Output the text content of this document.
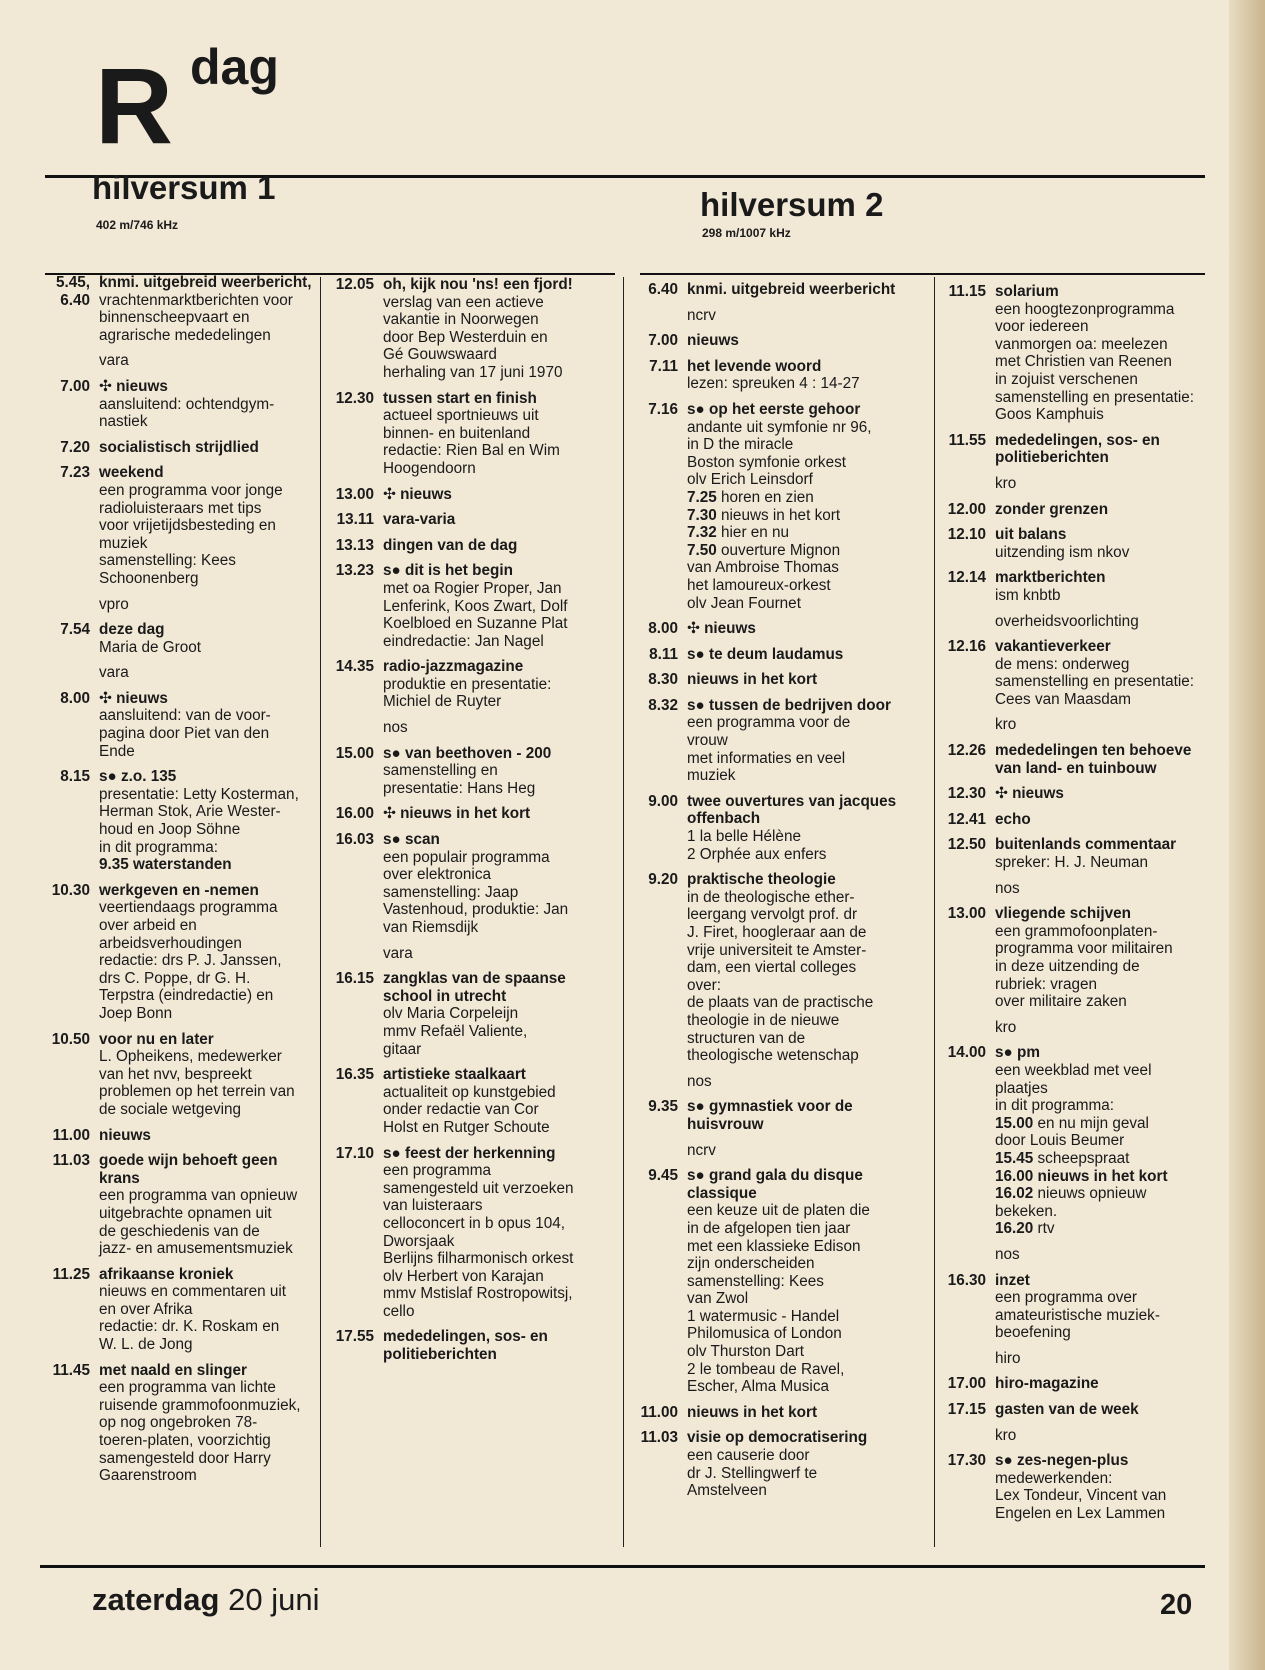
R dag
hilversum 1
402 m/746 kHz
hilversum 2
298 m/1007 kHz
5.45, 6.40
knmi. uitgebreid weerbericht,
vrachtenmarktberichten voor
binnenscheepvaart en
agrarische mededelingen
vara
7.00 ✣ nieuws
aansluitend: ochtendgym-
nastiek
7.20 socialistisch strijdlied
7.23 weekend
een programma voor jonge
radioluisteraars met tips
voor vrijetijdsbesteding en
muziek
samenstelling: Kees
Schoonenberg
vpro
7.54 deze dag
Maria de Groot
vara
8.00 ✣ nieuws
aansluitend: van de voor-
pagina door Piet van den
Ende
8.15 s● z.o. 135
presentatie: Letty Kosterman,
Herman Stok, Arie Wester-
houd en Joop Söhne
in dit programma:
9.35 waterstanden
10.30 werkgeven en -nemen
veertiendaags programma
over arbeid en
arbeidsverhoudingen
redactie: drs P. J. Janssen,
drs C. Poppe, dr G. H.
Terpstra (eindredactie) en
Joep Bonn
10.50 voor nu en later
L. Opheikens, medewerker
van het nvv, bespreekt
problemen op het terrein van
de sociale wetgeving
11.00 nieuws
11.03 goede wijn behoeft geen krans
een programma van opnieuw
uitgebrachte opnamen uit
de geschiedenis van de
jazz- en amusementsmuziek
11.25 afrikaanse kroniek
nieuws en commentaren uit
en over Afrika
redactie: dr. K. Roskam en
W. L. de Jong
11.45 met naald en slinger
een programma van lichte
ruisende grammofoonmuziek,
op nog ongebroken 78-
toeren-platen, voorzichtig
samengesteld door Harry
Gaarenstroom
12.05 oh, kijk nou 'ns! een fjord!
verslag van een actieve
vakantie in Noorwegen
door Bep Westerduin en
Gé Gouwswaard
herhaling van 17 juni 1970
12.30 tussen start en finish
actueel sportnieuws uit
binnen- en buitenland
redactie: Rien Bal en Wim
Hoogendoorn
13.00 ✣ nieuws
13.11 vara-varia
13.13 dingen van de dag
13.23 s● dit is het begin
met oa Rogier Proper, Jan
Lenferink, Koos Zwart, Dolf
Koelbloed en Suzanne Plat
eindredactie: Jan Nagel
14.35 radio-jazzmagazine
produktie en presentatie:
Michiel de Ruyter
nos
15.00 s● van beethoven - 200
samenstelling en
presentatie: Hans Heg
16.00 ✣ nieuws in het kort
16.03 s● scan
een populair programma
over elektronica
samenstelling: Jaap
Vastenhoud, produktie: Jan
van Riemsdijk
vara
16.15 zangklas van de spaanse school in utrecht
olv Maria Corpeleijn
mmv Refaël Valiente,
gitaar
16.35 artistieke staalkaart
actualiteit op kunstgebied
onder redactie van Cor
Holst en Rutger Schoute
17.10 s● feest der herkenning
een programma
samengesteld uit verzoeken
van luisteraars
celloconcert in b opus 104,
Dworsjaak
Berlijns filharmonisch orkest
olv Herbert von Karajan
mmv Mstislaf Rostropowitsj,
cello
17.55 mededelingen, sos- en politieberichten
6.40 knmi. uitgebreid weerbericht
ncrv
7.00 nieuws
7.11 het levende woord
lezen: spreuken 4 : 14-27
7.16 s● op het eerste gehoor
andante uit symfonie nr 96,
in D the miracle
Boston symfonie orkest
olv Erich Leinsdorf
7.25 horen en zien
7.30 nieuws in het kort
7.32 hier en nu
7.50 ouverture Mignon
van Ambroise Thomas
het lamoureux-orkest
olv Jean Fournet
8.00 ✣ nieuws
8.11 s● te deum laudamus
8.30 nieuws in het kort
8.32 s● tussen de bedrijven door
een programma voor de
vrouw
met informaties en veel
muziek
9.00 twee ouvertures van jacques offenbach
1 la belle Hélène
2 Orphée aux enfers
9.20 praktische theologie
in de theologische ether-
leergang vervolgt prof. dr
J. Firet, hoogleraar aan de
vrije universiteit te Amster-
dam, een viertal colleges
over:
de plaats van de practische
theologie in de nieuwe
structuren van de
theologische wetenschap
nos
9.35 s● gymnastiek voor de huisvrouw
ncrv
9.45 s● grand gala du disque classique
een keuze uit de platen die
in de afgelopen tien jaar
met een klassieke Edison
zijn onderscheiden
samenstelling: Kees
van Zwol
1 watermusic - Handel
Philomusica of London
olv Thurston Dart
2 le tombeau de Ravel,
Escher, Alma Musica
11.00 nieuws in het kort
11.03 visie op democratisering
een causerie door
dr J. Stellingwerf te
Amstelveen
11.15 solarium
een hoogtezonprogramma
voor iedereen
vanmorgen oa: meelezen
met Christien van Reenen
in zojuist verschenen
samenstelling en presentatie:
Goos Kamphuis
11.55 mededelingen, sos- en politieberichten
kro
12.00 zonder grenzen
12.10 uit balans
uitzending ism nkov
12.14 marktberichten
ism knbtb
overheidsvoorlichting
12.16 vakantieverkeer
de mens: onderweg
samenstelling en presentatie:
Cees van Maasdam
kro
12.26 mededelingen ten behoeve van land- en tuinbouw
12.30 ✣ nieuws
12.41 echo
12.50 buitenlands commentaar
spreker: H. J. Neuman
nos
13.00 vliegende schijven
een grammofoonplaten-
programma voor militairen
in deze uitzending de
rubriek: vragen
over militaire zaken
kro
14.00 s● pm
een weekblad met veel
plaatjes
in dit programma:
15.00 en nu mijn geval
door Louis Beumer
15.45 scheepspraat
16.00 nieuws in het kort
16.02 nieuws opnieuw
bekeken.
16.20 rtv
nos
16.30 inzet
een programma over
amateuristische muziek-
beoefening
hiro
17.00 hiro-magazine
17.15 gasten van de week
kro
17.30 s● zes-negen-plus
medewerkenden:
Lex Tondeur, Vincent van
Engelen en Lex Lammen
zaterdag 20 juni	20
